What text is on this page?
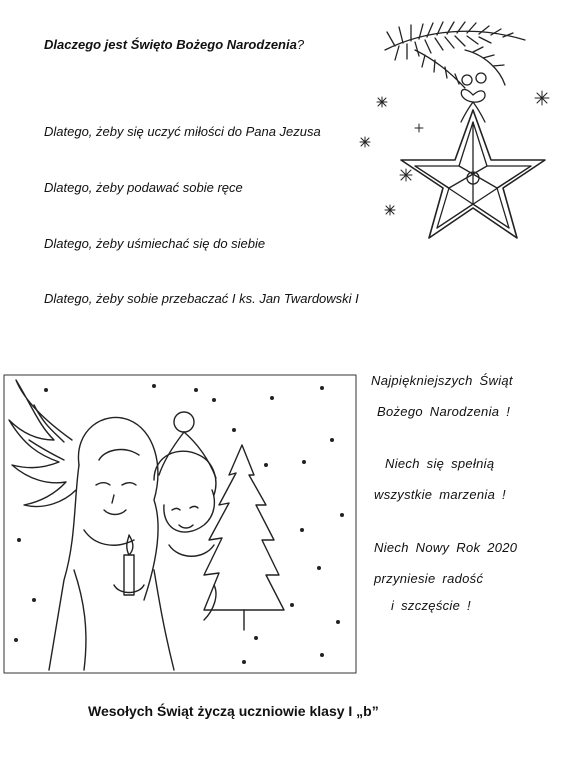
Dlaczego jest Święto Bożego Narodzenia?
Dlatego, żeby się uczyć miłości do Pana Jezusa
Dlatego, żeby podawać sobie ręce
Dlatego, żeby uśmiechać się do siebie
Dlatego, żeby sobie przebaczać I ks. Jan Twardowski I
Najpiękniejszych Świąt
Bożego Narodzenia !
Niech się spełnią
wszystkie marzenia !
Niech Nowy Rok 2020
przyniesie radość
i szczęście !
Wesołych Świąt życzą uczniowie klasy I „b”
